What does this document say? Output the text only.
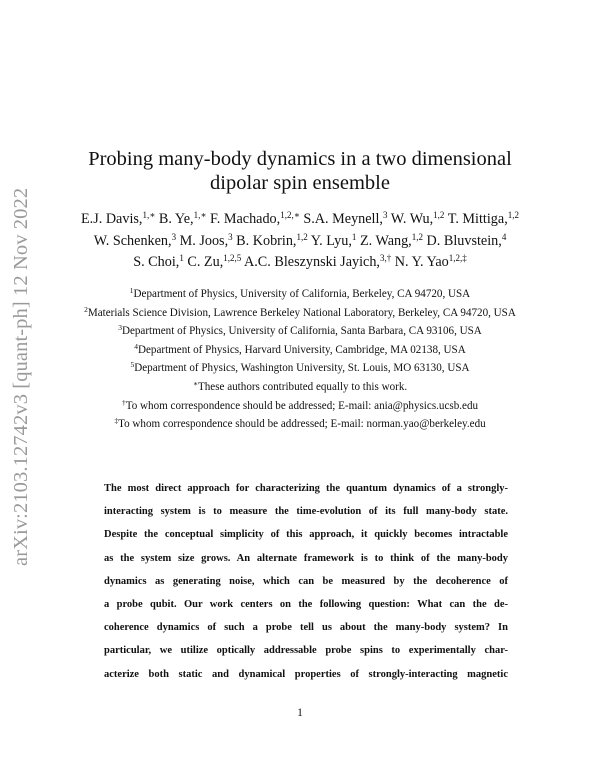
arXiv:2103.12742v3 [quant-ph] 12 Nov 2022
Probing many-body dynamics in a two dimensional
dipolar spin ensemble
E.J. Davis,$^{1,∗}$ B. Ye,$^{1,∗}$ F. Machado,$^{1,2,∗}$ S.A. Meynell,$^3$ W. Wu,$^{1,2}$ T. Mittiga,$^{1,2}$
W. Schenken,$^3$ M. Joos,$^3$ B. Kobrin,$^{1,2}$ Y. Lyu,$^1$ Z. Wang,$^{1,2}$ D. Bluvstein,$^4$
S. Choi,$^1$ C. Zu,$^{1,2,5}$ A.C. Bleszynski Jayich,$^{3,\dagger}$ N. Y. Yao$^{1,2,\ddagger}$
$^1$Department of Physics, University of California, Berkeley, CA 94720, USA
$^2$Materials Science Division, Lawrence Berkeley National Laboratory, Berkeley, CA 94720, USA
$^3$Department of Physics, University of California, Santa Barbara, CA 93106, USA
$^4$Department of Physics, Harvard University, Cambridge, MA 02138, USA
$^5$Department of Physics, Washington University, St. Louis, MO 63130, USA
∗These authors contributed equally to this work.
†To whom correspondence should be addressed; E-mail: ania@physics.ucsb.edu
‡To whom correspondence should be addressed; E-mail: norman.yao@berkeley.edu
The most direct approach for characterizing the quantum dynamics of a strongly-
interacting system is to measure the time-evolution of its full many-body state.
Despite the conceptual simplicity of this approach, it quickly becomes intractable
as the system size grows. An alternate framework is to think of the many-body
dynamics as generating noise, which can be measured by the decoherence of
a probe qubit. Our work centers on the following question: What can the de-
coherence dynamics of such a probe tell us about the many-body system? In
particular, we utilize optically addressable probe spins to experimentally char-
acterize both static and dynamical properties of strongly-interacting magnetic
1
